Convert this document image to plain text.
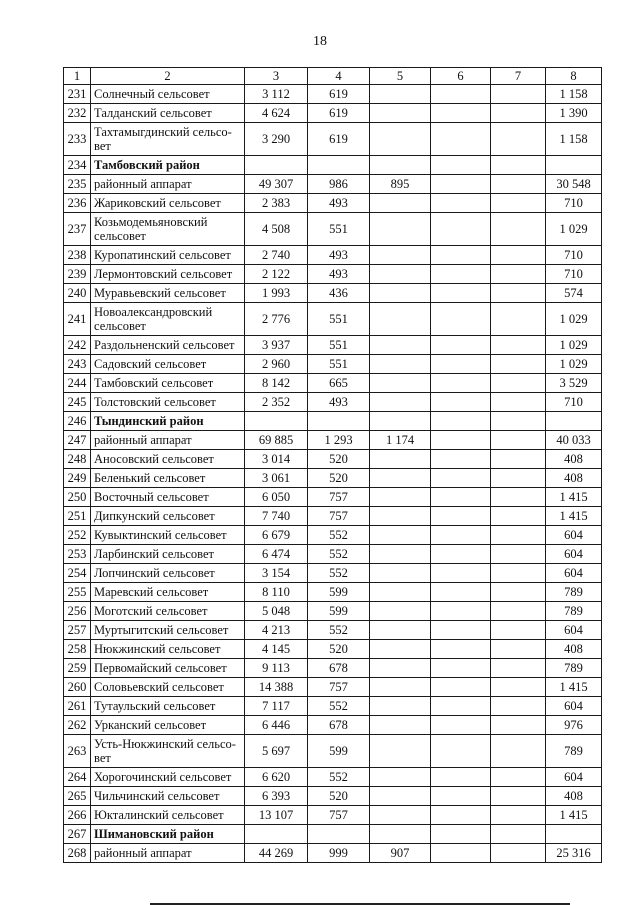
18
1	2	3	4	5	6	7	8
231	Солнечный сельсовет	3 112	619				1 158
232	Талданский сельсовет	4 624	619				1 390
233	Тахтамыгдинский сельсо-вет	3 290	619				1 158
234	Тамбовский район						
235	районный аппарат	49 307	986	895			30 548
236	Жариковский сельсовет	2 383	493				710
237	Козьмодемьяновский сельсовет	4 508	551				1 029
238	Куропатинский сельсовет	2 740	493				710
239	Лермонтовский сельсовет	2 122	493				710
240	Муравьевский сельсовет	1 993	436				574
241	Новоалександровский сельсовет	2 776	551				1 029
242	Раздольненский сельсовет	3 937	551				1 029
243	Садовский сельсовет	2 960	551				1 029
244	Тамбовский сельсовет	8 142	665				3 529
245	Толстовский сельсовет	2 352	493				710
246	Тындинский район						
247	районный аппарат	69 885	1 293	1 174			40 033
248	Аносовский сельсовет	3 014	520				408
249	Беленький сельсовет	3 061	520				408
250	Восточный сельсовет	6 050	757				1 415
251	Дипкунский сельсовет	7 740	757				1 415
252	Кувыктинский сельсовет	6 679	552				604
253	Ларбинский сельсовет	6 474	552				604
254	Лопчинский сельсовет	3 154	552				604
255	Маревский сельсовет	8 110	599				789
256	Моготский сельсовет	5 048	599				789
257	Муртыгитский сельсовет	4 213	552				604
258	Нюкжинский сельсовет	4 145	520				408
259	Первомайский сельсовет	9 113	678				789
260	Соловьевский сельсовет	14 388	757				1 415
261	Тутаульский сельсовет	7 117	552				604
262	Урканский сельсовет	6 446	678				976
263	Усть-Нюкжинский сельсо-вет	5 697	599				789
264	Хорогочинский сельсовет	6 620	552				604
265	Чильчинский сельсовет	6 393	520				408
266	Юкталинский сельсовет	13 107	757				1 415
267	Шимановский район						
268	районный аппарат	44 269	999	907			25 316
